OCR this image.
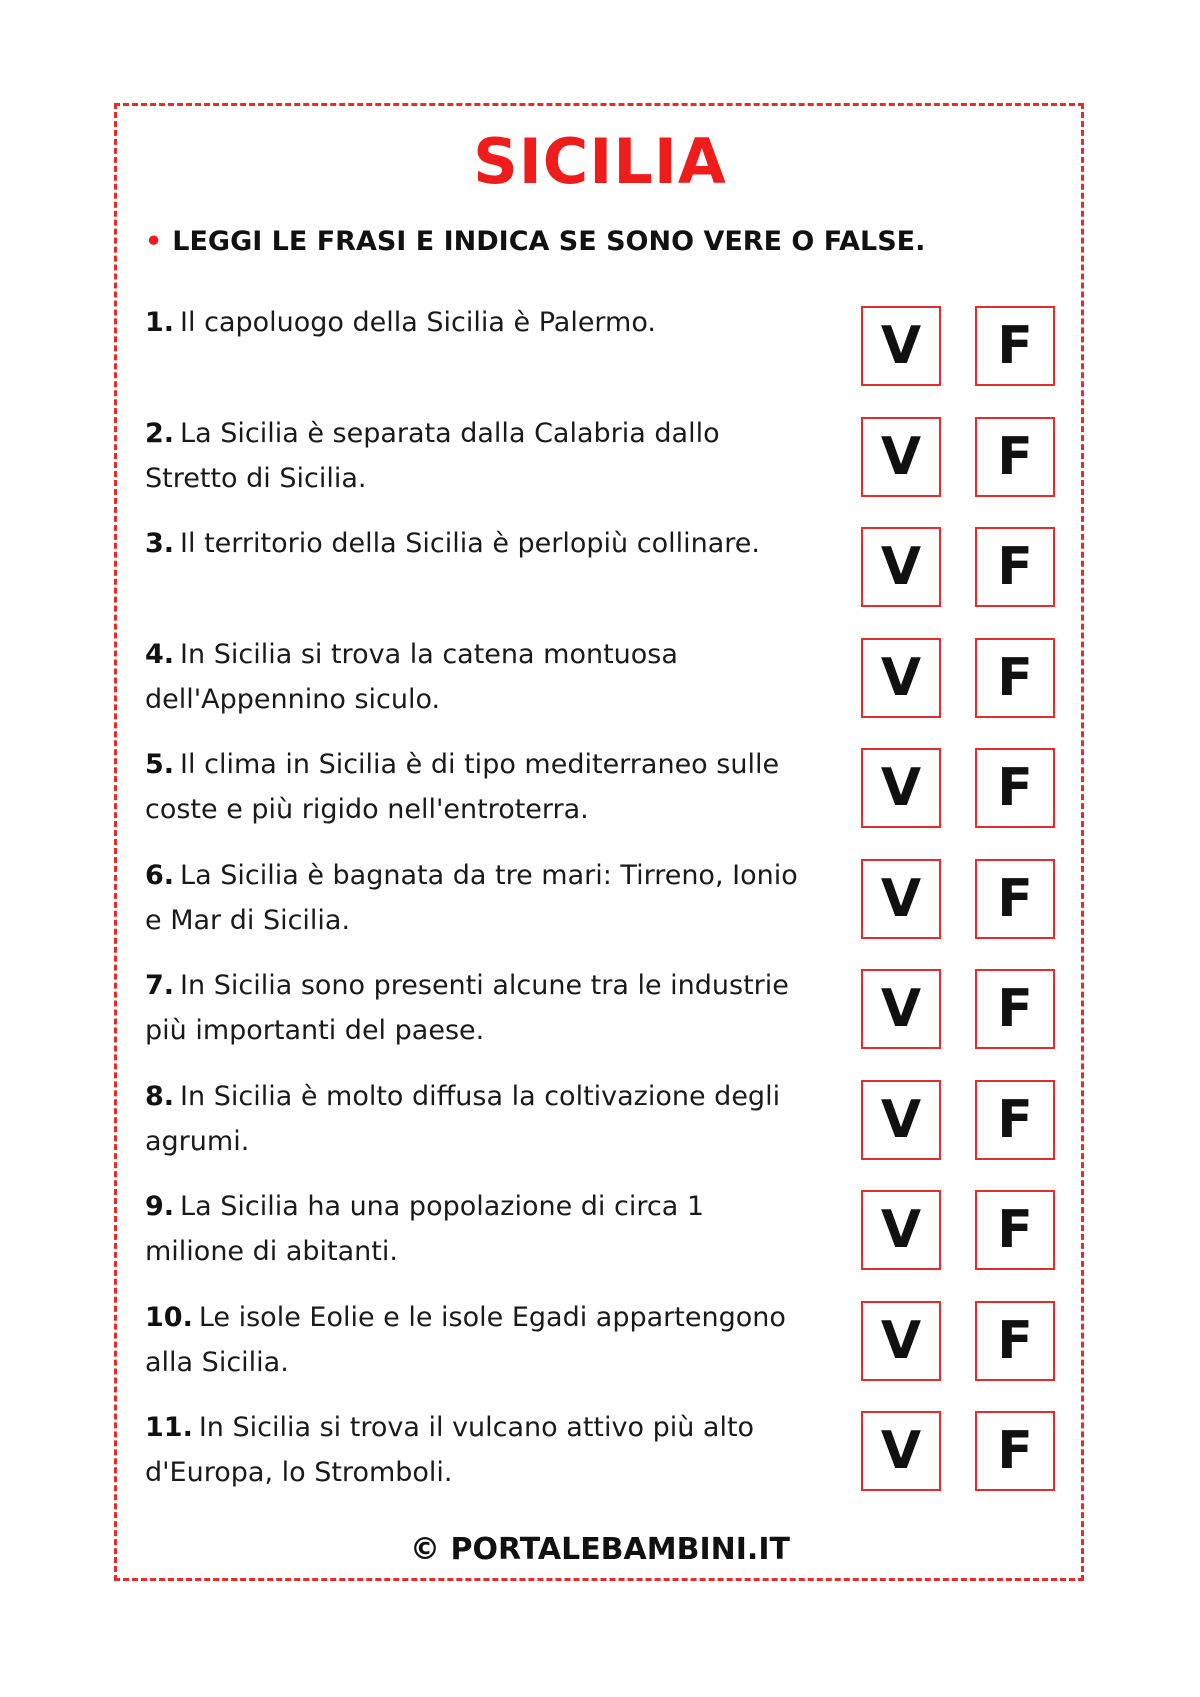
SICILIA
• LEGGI LE FRASI E INDICA SE SONO VERE O FALSE.
1. Il capoluogo della Sicilia è Palermo.	V	F
2. La Sicilia è separata dalla Calabria dallo Stretto di Sicilia.	V	F
3. Il territorio della Sicilia è perlopiù collinare.	V	F
4. In Sicilia si trova la catena montuosa dell'Appennino siculo.	V	F
5. Il clima in Sicilia è di tipo mediterraneo sulle coste e più rigido nell'entroterra.	V	F
6. La Sicilia è bagnata da tre mari: Tirreno, Ionio e Mar di Sicilia.	V	F
7. In Sicilia sono presenti alcune tra le industrie più importanti del paese.	V	F
8. In Sicilia è molto diffusa la coltivazione degli agrumi.	V	F
9. La Sicilia ha una popolazione di circa 1 milione di abitanti.	V	F
10. Le isole Eolie e le isole Egadi appartengono alla Sicilia.	V	F
11. In Sicilia si trova il vulcano attivo più alto d'Europa, lo Stromboli.	V	F
© PORTALEBAMBINI.IT
